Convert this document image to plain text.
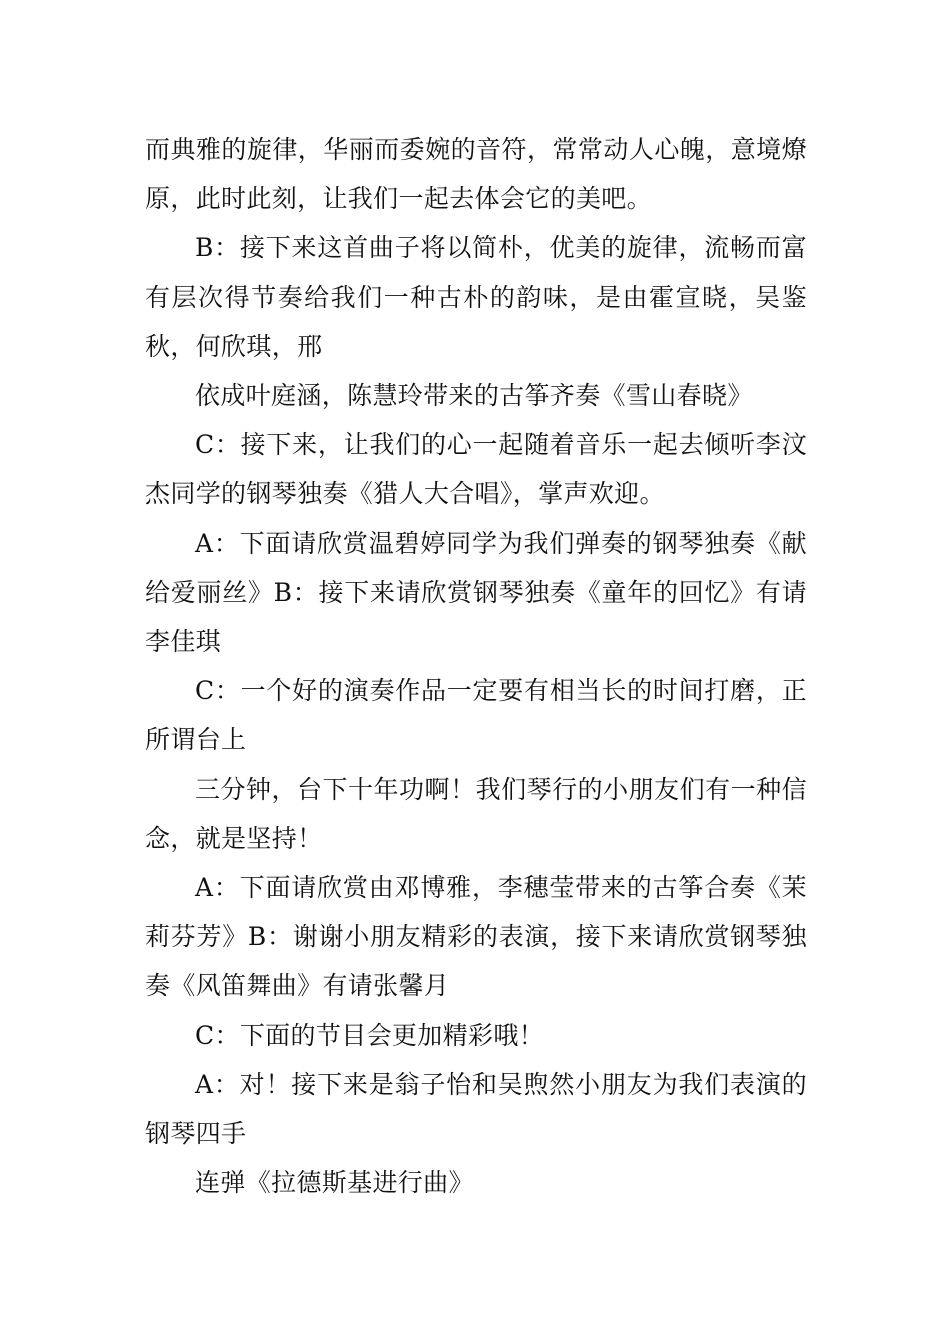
而典雅的旋律，华丽而委婉的音符，常常动人心魄，意境燎原，此时此刻，让我们一起去体会它的美吧。

B：接下来这首曲子将以简朴，优美的旋律，流畅而富有层次得节奏给我们一种古朴的韵味，是由霍宣晓，吴鉴秋，何欣琪，邢

依成叶庭涵，陈慧玲带来的古筝齐奏《雪山春晓》

C：接下来，让我们的心一起随着音乐一起去倾听李汶杰同学的钢琴独奏《猎人大合唱》，掌声欢迎。

A：下面请欣赏温碧婷同学为我们弹奏的钢琴独奏《献给爱丽丝》B：接下来请欣赏钢琴独奏《童年的回忆》有请李佳琪

C：一个好的演奏作品一定要有相当长的时间打磨，正所谓台上

三分钟，台下十年功啊！我们琴行的小朋友们有一种信念，就是坚持！

A：下面请欣赏由邓博雅，李穗莹带来的古筝合奏《茉莉芬芳》B：谢谢小朋友精彩的表演，接下来请欣赏钢琴独奏《风笛舞曲》有请张馨月

C：下面的节目会更加精彩哦！

A：对！接下来是翁子怡和吴煦然小朋友为我们表演的钢琴四手

连弹《拉德斯基进行曲》
